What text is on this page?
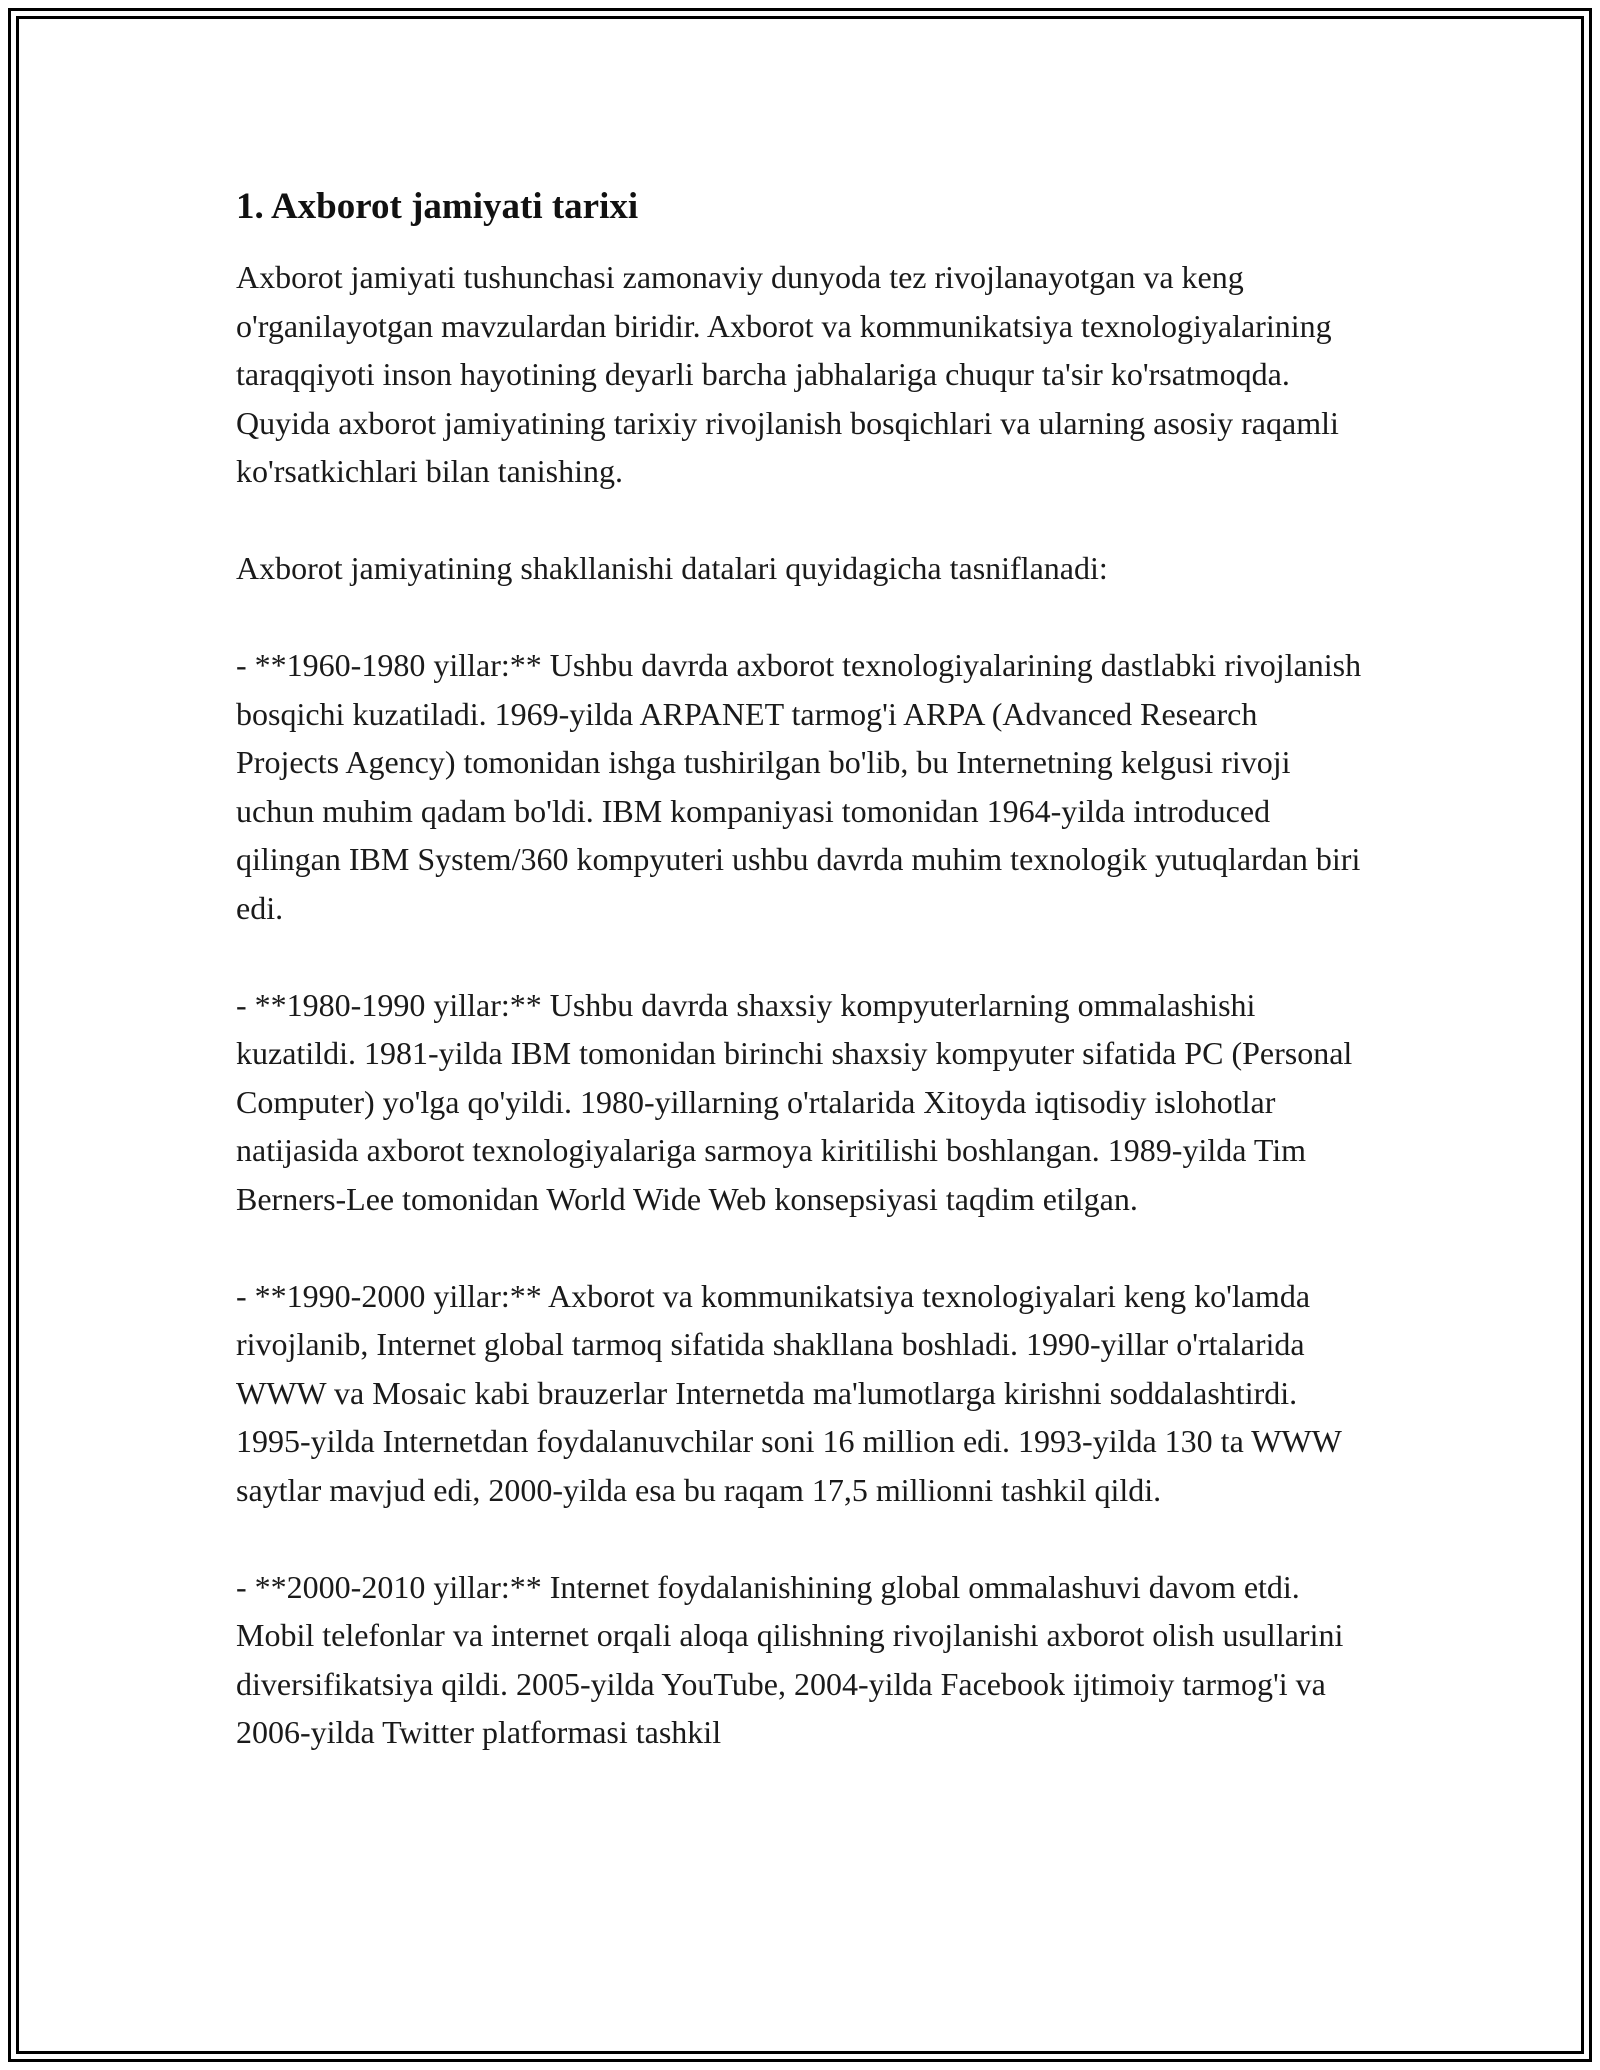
1. Axborot jamiyati tarixi

Axborot jamiyati tushunchasi zamonaviy dunyoda tez rivojlanayotgan va keng o'rganilayotgan mavzulardan biridir. Axborot va kommunikatsiya texnologiyalarining taraqqiyoti inson hayotining deyarli barcha jabhalariga chuqur ta'sir ko'rsatmoqda. Quyida axborot jamiyatining tarixiy rivojlanish bosqichlari va ularning asosiy raqamli ko'rsatkichlari bilan tanishing.

Axborot jamiyatining shakllanishi datalari quyidagicha tasniflanadi:

- **1960-1980 yillar:** Ushbu davrda axborot texnologiyalarining dastlabki rivojlanish bosqichi kuzatiladi. 1969-yilda ARPANET tarmog'i ARPA (Advanced Research Projects Agency) tomonidan ishga tushirilgan bo'lib, bu Internetning kelgusi rivoji uchun muhim qadam bo'ldi. IBM kompaniyasi tomonidan 1964-yilda introduced qilingan IBM System/360 kompyuteri ushbu davrda muhim texnologik yutuqlardan biri edi.

- **1980-1990 yillar:** Ushbu davrda shaxsiy kompyuterlarning ommalashishi kuzatildi. 1981-yilda IBM tomonidan birinchi shaxsiy kompyuter sifatida PC (Personal Computer) yo'lga qo'yildi. 1980-yillarning o'rtalarida Xitoyda iqtisodiy islohotlar natijasida axborot texnologiyalariga sarmoya kiritilishi boshlangan. 1989-yilda Tim Berners-Lee tomonidan World Wide Web konsepsiyasi taqdim etilgan.

- **1990-2000 yillar:** Axborot va kommunikatsiya texnologiyalari keng ko'lamda rivojlanib, Internet global tarmoq sifatida shakllana boshladi. 1990-yillar o'rtalarida WWW va Mosaic kabi brauzerlar Internetda ma'lumotlarga kirishni soddalashtirdi. 1995-yilda Internetdan foydalanuvchilar soni 16 million edi. 1993-yilda 130 ta WWW saytlar mavjud edi, 2000-yilda esa bu raqam 17,5 millionni tashkil qildi.

- **2000-2010 yillar:** Internet foydalanishining global ommalashuvi davom etdi. Mobil telefonlar va internet orqali aloqa qilishning rivojlanishi axborot olish usullarini diversifikatsiya qildi. 2005-yilda YouTube, 2004-yilda Facebook ijtimoiy tarmog'i va 2006-yilda Twitter platformasi tashkil
